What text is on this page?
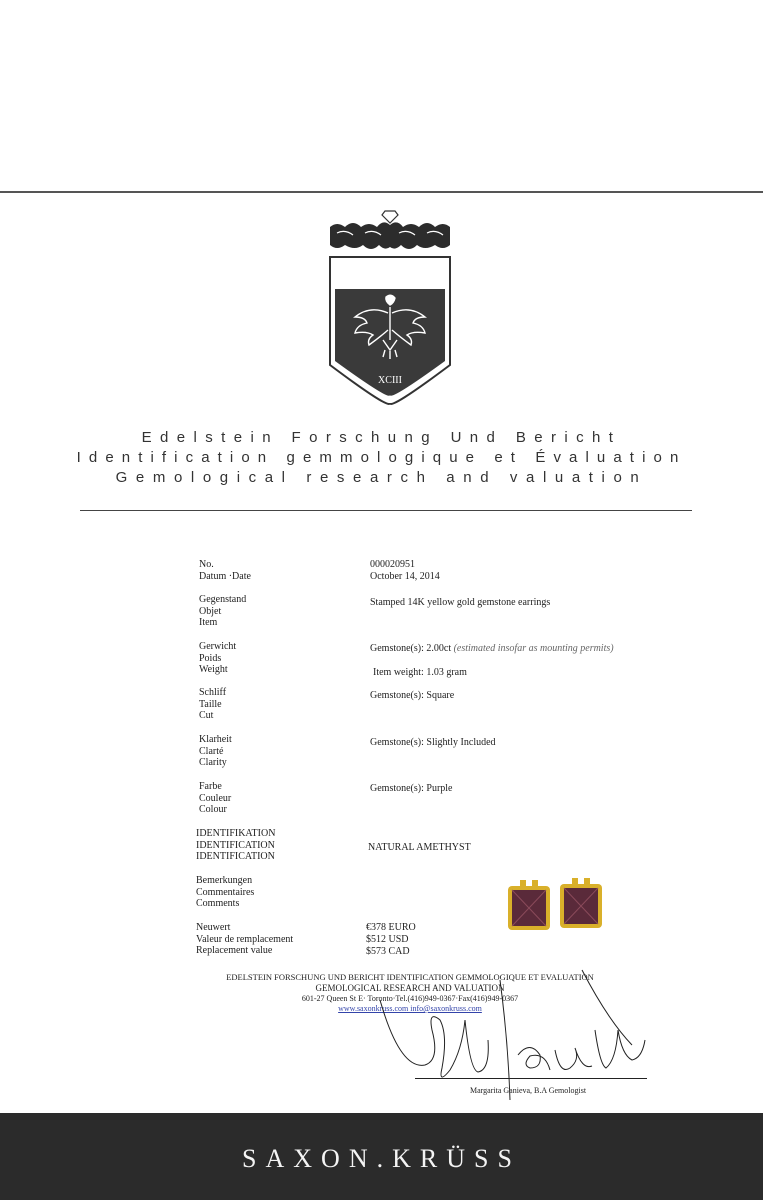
XCIII
Edelstein Forschung Und Bericht
Identification gemmologique et Évaluation
Gemological research and valuation
No.
Datum ·Date
000020951
October 14, 2014
Gegenstand
Objet
Item
Stamped 14K yellow gold gemstone earrings
Gerwicht
Poids
Weight
Gemstone(s): 2.00ct (estimated insofar as mounting permits)
Item weight: 1.03 gram
Schliff
Taille
Cut
Gemstone(s): Square
Klarheit
Clarté
Clarity
Gemstone(s): Slightly Included
Farbe
Couleur
Colour
Gemstone(s): Purple
IDENTIFIKATION
IDENTIFICATION
IDENTIFICATION
NATURAL AMETHYST
Bemerkungen
Commentaires
Comments
Neuwert
Valeur de remplacement
Replacement value
€378 EURO
$512 USD
$573 CAD
EDELSTEIN FORSCHUNG UND BERICHT IDENTIFICATION GEMMOLOGIQUE ET EVALUATION
GEMOLOGICAL RESEARCH AND VALUATION
601-27 Queen St E· Toronto·Tel.(416)949-0367·Fax(416)949-0367
www.saxonkruss.com info@saxonkruss.com
Margarita Ganieva, B.A Gemologist
SAXON.KRÜSS
